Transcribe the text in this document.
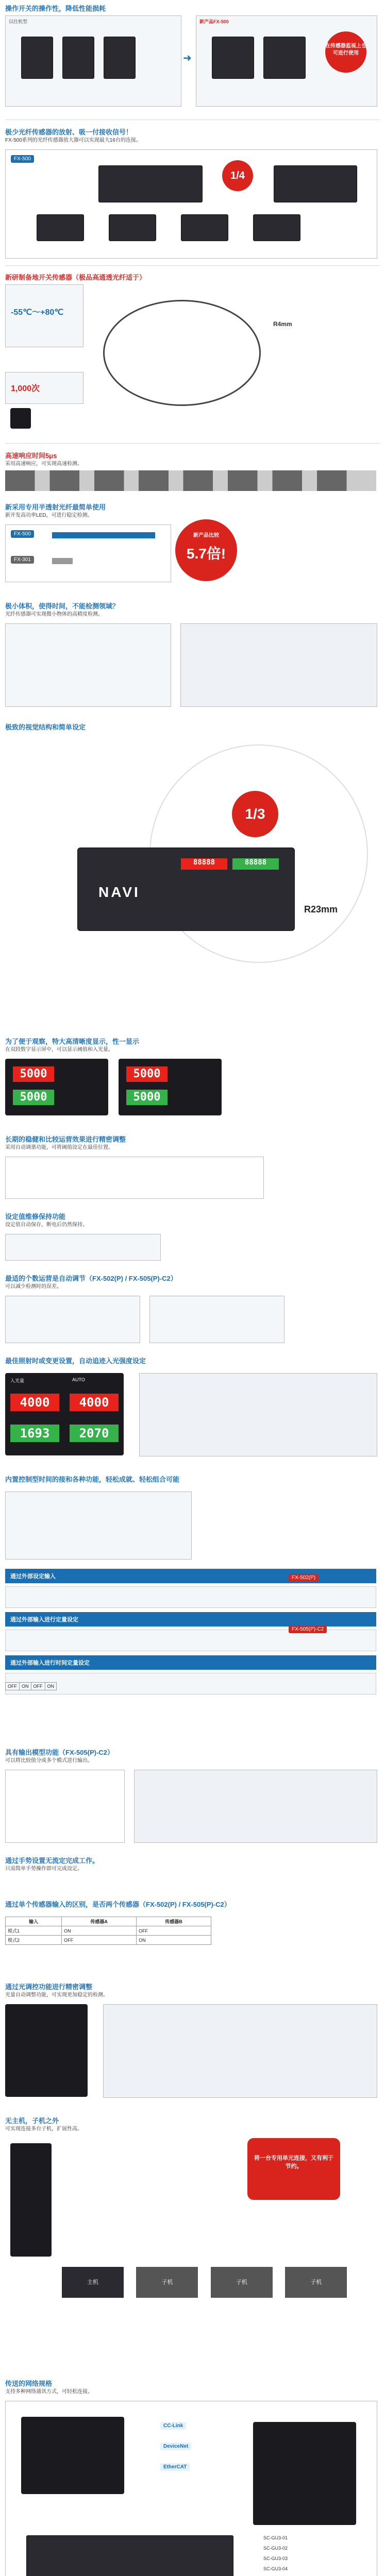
操作开关的操作性，降低性能损耗
以往机型
➜
新产品FX-500
在传感器监视上也可进行使用
极少光纤传感器的放射、吸一付接收信号！
FX-500系列的光纤传感器放大器可以实现最大16台的连接。
FX-500
1/4
新研制备地开关传感器（极品高通透光纤适于）
-55℃～+80℃
R4mm
1,000次
高速响应时间5μs
采用高速响应，可实现高速检测。
新采用专用半透射光纤最简单使用
新开发高功率LED，可进行稳定检测。
FX-500
FX-301
新产品比较
5.7倍!
极小体积，使得时间，不能检测领域？
光纤传感器可实现微小物体的高精度检测。
极致的视觉结构和简单设定
NAVI
88888	88888
1/3
R23mm
为了便于观察，特大高清晰度显示，性一显示
在双段数字显示屏中，可以显示阈值和入光量。
5000
5000
5000
5000
长期的稳健和比较运营效果进行精密调整
采用自动调谐功能，可将阈值设定在最佳位置。
设定值维修保持功能
设定值自动保存，断电后仍然保持。
最适的个数运营是自动调节（FX-502(P) / FX-505(P)-C2）
可以减少检测时的误差。
最佳照射时或变更设置，自动追迹入光强度设定
入光量
4000
1693
AUTO
4000
2070
内置控制型时间的接和各种功能，轻松成就、轻松组合可能
通过外部设定输入
通过外部输入进行定量设定
通过外部输入进行时间定量设定
FX-502(P)
FX-505(P)-C2
OFF	ON	OFF	ON
具有输出模型功能（FX-505(P)-C2）
可以将比较值分成多个模式进行输出。
通过手势设置无流定完成工作。
只需简单手势操作即可完成设定。
通过单个传感器输入的区别，是否两个传感器（FX-502(P) / FX-505(P)-C2）
输入	传感器A	传感器B
模式1	ON	OFF
模式2	OFF	ON
通过光调控功能进行精密调整
光量自动调整功能，可实现更加稳定的检测。
无主机，子机之外
可实现连接多台子机，扩展性高。
将一台专用单元连接，又有利于节约。
主机	子机	子机	子机
传送的网络规格
支持多种网络通讯方式，可轻松连接。
CC-Link
DeviceNet
EtherCAT
SC-GU3-01
SC-GU3-02
SC-GU3-03
SC-GU3-04
